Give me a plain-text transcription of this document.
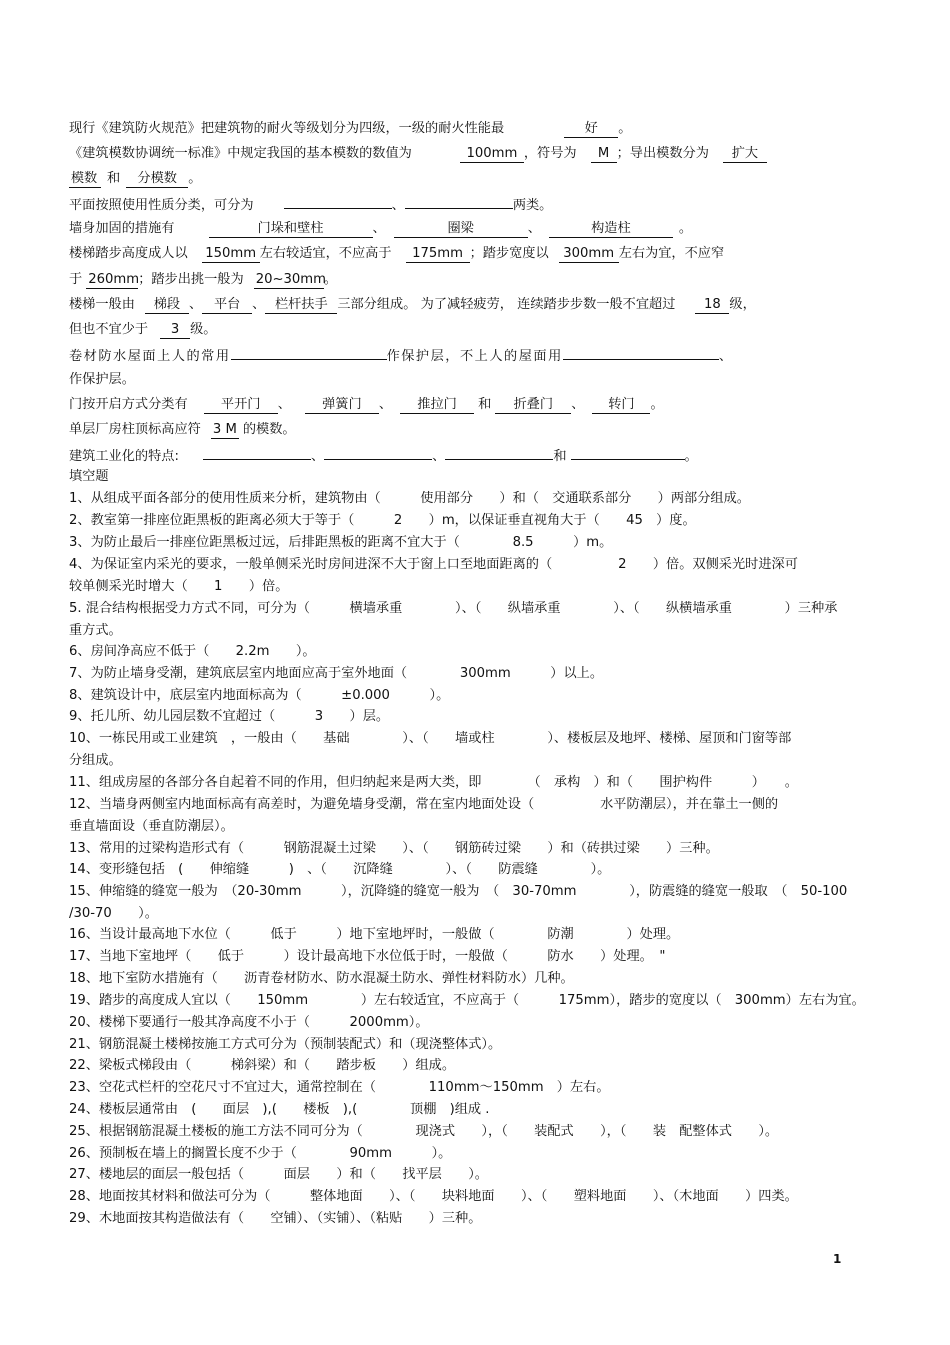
现行《建筑防火规范》把建筑物的耐火等级划分为四级，一级的耐火性能最	好 。
《建筑模数协调统一标准》中规定我国的基本模数的数值为	100mm ，符号为 M ；导出模数分为 扩大
模数 和 分模数 。
平面按照使用性质分类，可分为	、	两类。
墙身加固的措施有	门垛和壁柱	、	圈梁	、	构造柱	。
楼梯踏步高度成人以 150mm 左右较适宜，不应高于 175mm ；踏步宽度以 300mm 左右为宜，不应窄
于 260mm；踏步出挑一般为 20~30mm。
楼梯一般由 梯段 、 平台 、 栏杆扶手 三部分组成。 为了减轻疲劳， 连续踏步步数一般不宜超过 18 级，
但也不宜少于 3 级。
卷材防水屋面上人的常用	作保护层，不上人的屋面用	、
作保护层。
门按开启方式分类有	平开门 、 弹簧门 、 推拉门 和 折叠门 、 转门 。
单层厂房柱顶标高应符 3 M 的模数。
建筑工业化的特点:	、	、	和	。
填空题
1、从组成平面各部分的使用性质来分析，建筑物由（　　　使用部分　　）和（　交通联系部分　　）两部分组成。
2、教室第一排座位距黑板的距离必须大于等于（　　　2　　）m，以保证垂直视角大于（　　45　）度。
3、为防止最后一排座位距黑板过远，后排距黑板的距离不宜大于（　　　　8.5　　　）m。
4、为保证室内采光的要求，一般单侧采光时房间进深不大于窗上口至地面距离的（　　　　　2　　）倍。双侧采光时进深可
较单侧采光时增大（　　1　　）倍。
5. 混合结构根据受力方式不同，可分为（　　　横墙承重　　　　）、（　　纵墙承重　　　　）、（　　纵横墙承重　　　　）三种承
重方式。
6、房间净高应不低于（　　2.2m　　）。
7、为防止墙身受潮，建筑底层室内地面应高于室外地面（　　　　300mm　　　）以上。
8、建筑设计中，底层室内地面标高为（　　　±0.000　　　）。
9、托儿所、幼儿园层数不宜超过（　　　3　　）层。
10、一栋民用或工业建筑　，一般由（　　基础　　　　）、（　　墙或柱　　　　）、楼板层及地坪、楼梯、屋顶和门窗等部
分组成。
11、组成房屋的各部分各自起着不同的作用，但归纳起来是两大类，即　　　　（　承构　）和（　　围护构件　　　）　　。
12、当墙身两侧室内地面标高有高差时，为避免墙身受潮，常在室内地面处设（　　　　　水平防潮层），并在靠土一侧的
垂直墙面设（垂直防潮层）。
13、常用的过梁构造形式有（　　　钢筋混凝土过梁　　）、（　　钢筋砖过梁　　）和（砖拱过梁　　）三种。
14、变形缝包括　(　　伸缩缝　　　)　、（　　沉降缝　　　　）、（　　防震缝　　　　）。
15、伸缩缝的缝宽一般为　（20-30mm　　　），沉降缝的缝宽一般为　（　30-70mm　　　　），防震缝的缝宽一般取　（　50-100
/30-70　　）。
16、当设计最高地下水位（　　　低于　　　）地下室地坪时，一般做（　　　　防潮　　　　）处理。
17、当地下室地坪（　　低于　　　）设计最高地下水位低于时，一般做（　　　防水　　）处理。　"
18、地下室防水措施有（　　沥青卷材防水、防水混凝土防水、弹性材料防水）几种。
19、踏步的高度成人宜以（　　150mm　　　　）左右较适宜，不应高于（　　　175mm），踏步的宽度以（　300mm）左右为宜。
20、楼梯下要通行一般其净高度不小于（　　　2000mm）。
21、钢筋混凝土楼梯按施工方式可分为（预制装配式）和（现浇整体式）。
22、梁板式梯段由（　　　梯斜梁）和（　　踏步板　　）组成。
23、空花式栏杆的空花尺寸不宜过大，通常控制在（　　　　110mm～150mm　）左右。
24、楼板层通常由　(　　面层　),(　　楼板　),(　　　　顶棚　)组成 .
25、根据钢筋混凝土楼板的施工方法不同可分为（　　　　现浇式　　），（　　装配式　　），（　　装　配整体式　　）。
26、预制板在墙上的搁置长度不少于（　　　　90mm　　　）。
27、楼地层的面层一般包括（　　　面层　　）和（　　找平层　　）。
28、地面按其材料和做法可分为（　　　整体地面　　）、（　　块料地面　　）、（　　塑料地面　　）、（木地面　　）四类。
29、木地面按其构造做法有（　　空铺）、（实铺）、（粘贴　　）三种。
1
